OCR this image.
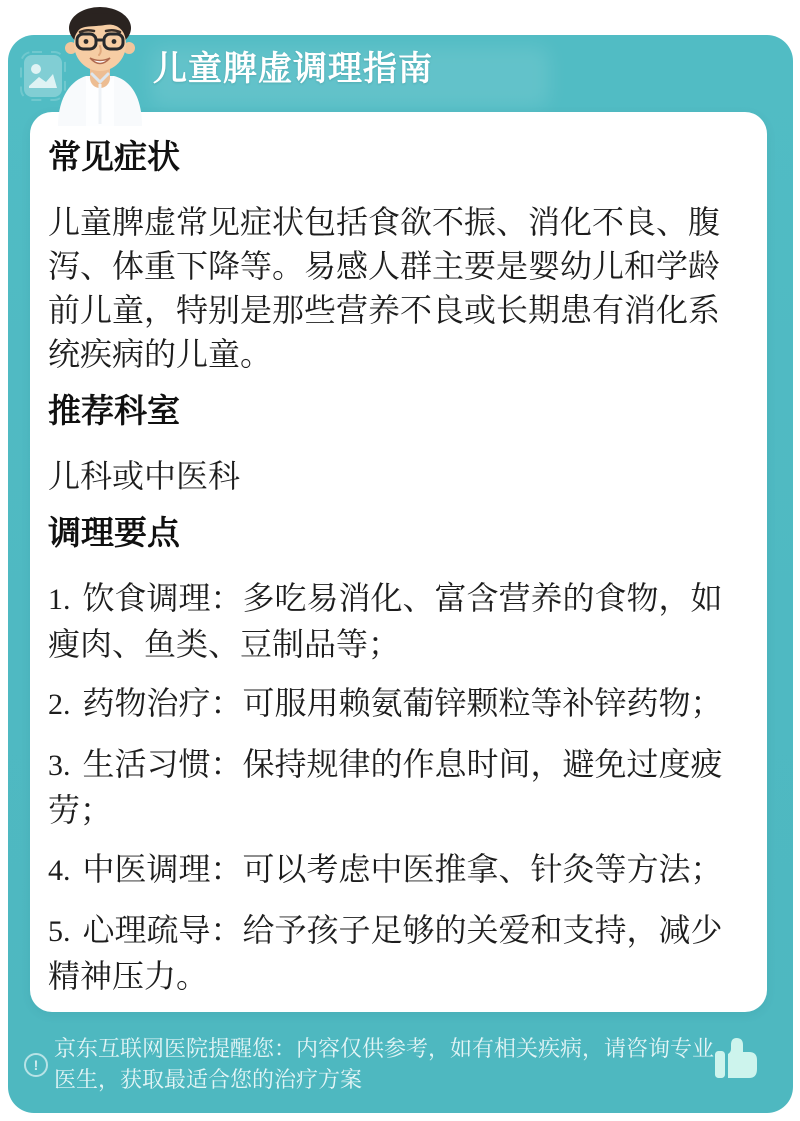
儿童脾虚调理指南
常见症状

儿童脾虚常见症状包括食欲不振、消化不良、腹泻、体重下降等。易感人群主要是婴幼儿和学龄前儿童，特别是那些营养不良或长期患有消化系统疾病的儿童。

推荐科室

儿科或中医科

调理要点

1. 饮食调理：多吃易消化、富含营养的食物，如瘦肉、鱼类、豆制品等；

2. 药物治疗：可服用赖氨葡锌颗粒等补锌药物；

3. 生活习惯：保持规律的作息时间，避免过度疲劳；

4. 中医调理：可以考虑中医推拿、针灸等方法；

5. 心理疏导：给予孩子足够的关爱和支持，减少精神压力。

!
京东互联网医院提醒您：内容仅供参考，如有相关疾病，请咨询专业医生，获取最适合您的治疗方案
